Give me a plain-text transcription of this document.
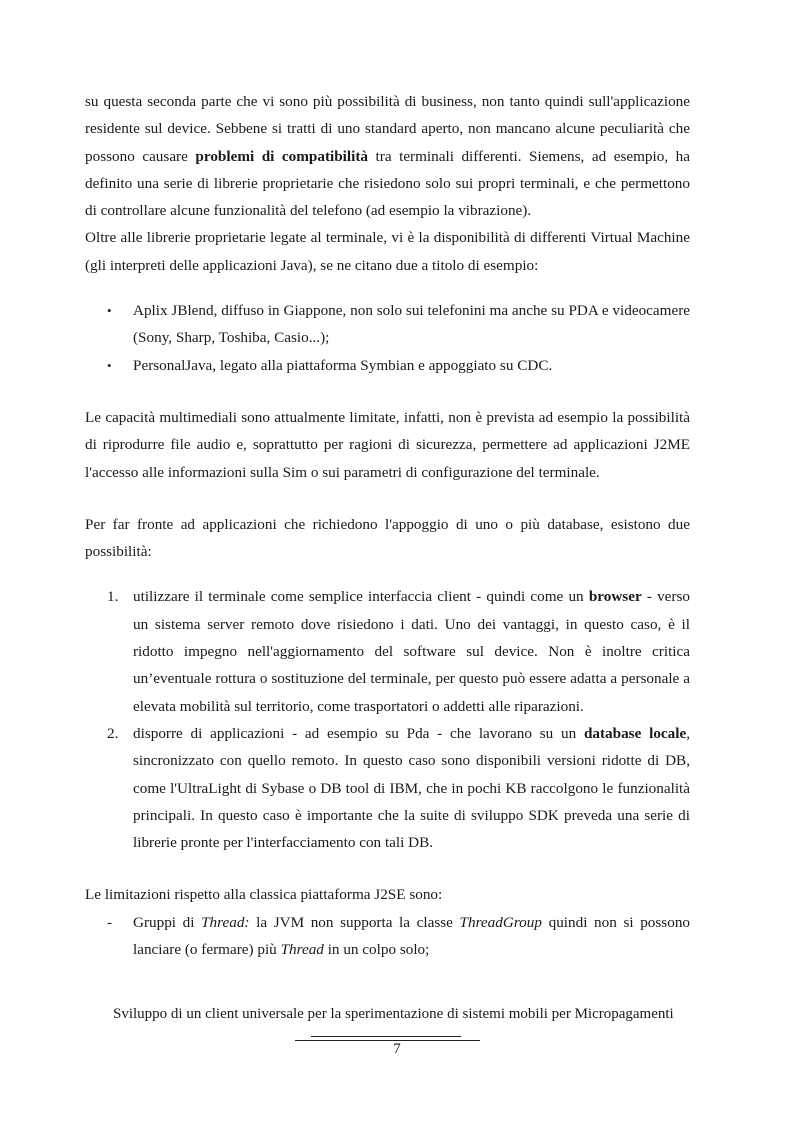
su questa seconda parte che vi sono più possibilità di business, non tanto quindi sull'applicazione residente sul device. Sebbene si tratti di uno standard aperto, non mancano alcune peculiarità che possono causare problemi di compatibilità tra terminali differenti. Siemens, ad esempio, ha definito una serie di librerie proprietarie che risiedono solo sui propri terminali, e che permettono di controllare alcune funzionalità del telefono (ad esempio la vibrazione).

Oltre alle librerie proprietarie legate al terminale, vi è la disponibilità di differenti Virtual Machine (gli interpreti delle applicazioni Java), se ne citano due a titolo di esempio:

• Aplix JBlend, diffuso in Giappone, non solo sui telefonini ma anche su PDA e videocamere (Sony, Sharp, Toshiba, Casio...);
• PersonalJava, legato alla piattaforma Symbian e appoggiato su CDC.

Le capacità multimediali sono attualmente limitate, infatti, non è prevista ad esempio la possibilità di riprodurre file audio e, soprattutto per ragioni di sicurezza, permettere ad applicazioni J2ME l'accesso alle informazioni sulla Sim o sui parametri di configurazione del terminale.

Per far fronte ad applicazioni che richiedono l'appoggio di uno o più database, esistono due possibilità:

1. utilizzare il terminale come semplice interfaccia client - quindi come un browser - verso un sistema server remoto dove risiedono i dati. Uno dei vantaggi, in questo caso, è il ridotto impegno nell'aggiornamento del software sul device. Non è inoltre critica un’eventuale rottura o sostituzione del terminale, per questo può essere adatta a personale a elevata mobilità sul territorio, come trasportatori o addetti alle riparazioni.
2. disporre di applicazioni - ad esempio su Pda - che lavorano su un database locale, sincronizzato con quello remoto. In questo caso sono disponibili versioni ridotte di DB, come l'UltraLight di Sybase o DB tool di IBM, che in pochi KB raccolgono le funzionalità principali. In questo caso è importante che la suite di sviluppo SDK preveda una serie di librerie pronte per l'interfacciamento con tali DB.

Le limitazioni rispetto alla classica piattaforma J2SE sono:

- Gruppi di Thread: la JVM non supporta la classe ThreadGroup quindi non si possono lanciare (o fermare) più Thread in un colpo solo;
Sviluppo di un client universale per la sperimentazione di sistemi mobili per Micropagamenti
7
